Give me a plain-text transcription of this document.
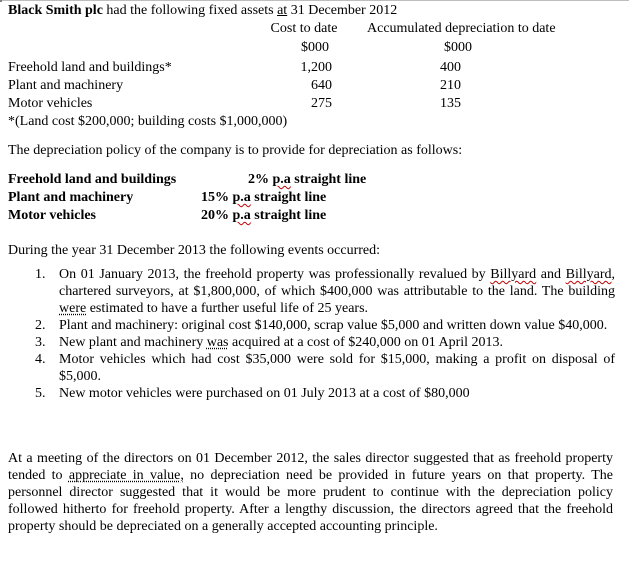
Black Smith plc had the following fixed assets at 31 December 2012
Cost to date	Accumulated depreciation to date
$000	$000
Freehold land and buildings*	1,200	400
Plant and machinery	640	210
Motor vehicles	275	135
*(Land cost $200,000; building costs $1,000,000)
The depreciation policy of the company is to provide for depreciation as follows:
Freehold land and buildings	2% p.a straight line
Plant and machinery	15% p.a straight line
Motor vehicles	20% p.a straight line
During the year 31 December 2013 the following events occurred:
1. On 01 January 2013, the freehold property was professionally revalued by Billyard and Billyard, chartered surveyors, at $1,800,000, of which $400,000 was attributable to the land. The building were estimated to have a further useful life of 25 years.
2. Plant and machinery: original cost $140,000, scrap value $5,000 and written down value $40,000.
3. New plant and machinery was acquired at a cost of $240,000 on 01 April 2013.
4. Motor vehicles which had cost $35,000 were sold for $15,000, making a profit on disposal of $5,000.
5. New motor vehicles were purchased on 01 July 2013 at a cost of $80,000
At a meeting of the directors on 01 December 2012, the sales director suggested that as freehold property tended to appreciate in value, no depreciation need be provided in future years on that property. The personnel director suggested that it would be more prudent to continue with the depreciation policy followed hitherto for freehold property. After a lengthy discussion, the directors agreed that the freehold property should be depreciated on a generally accepted accounting principle.
